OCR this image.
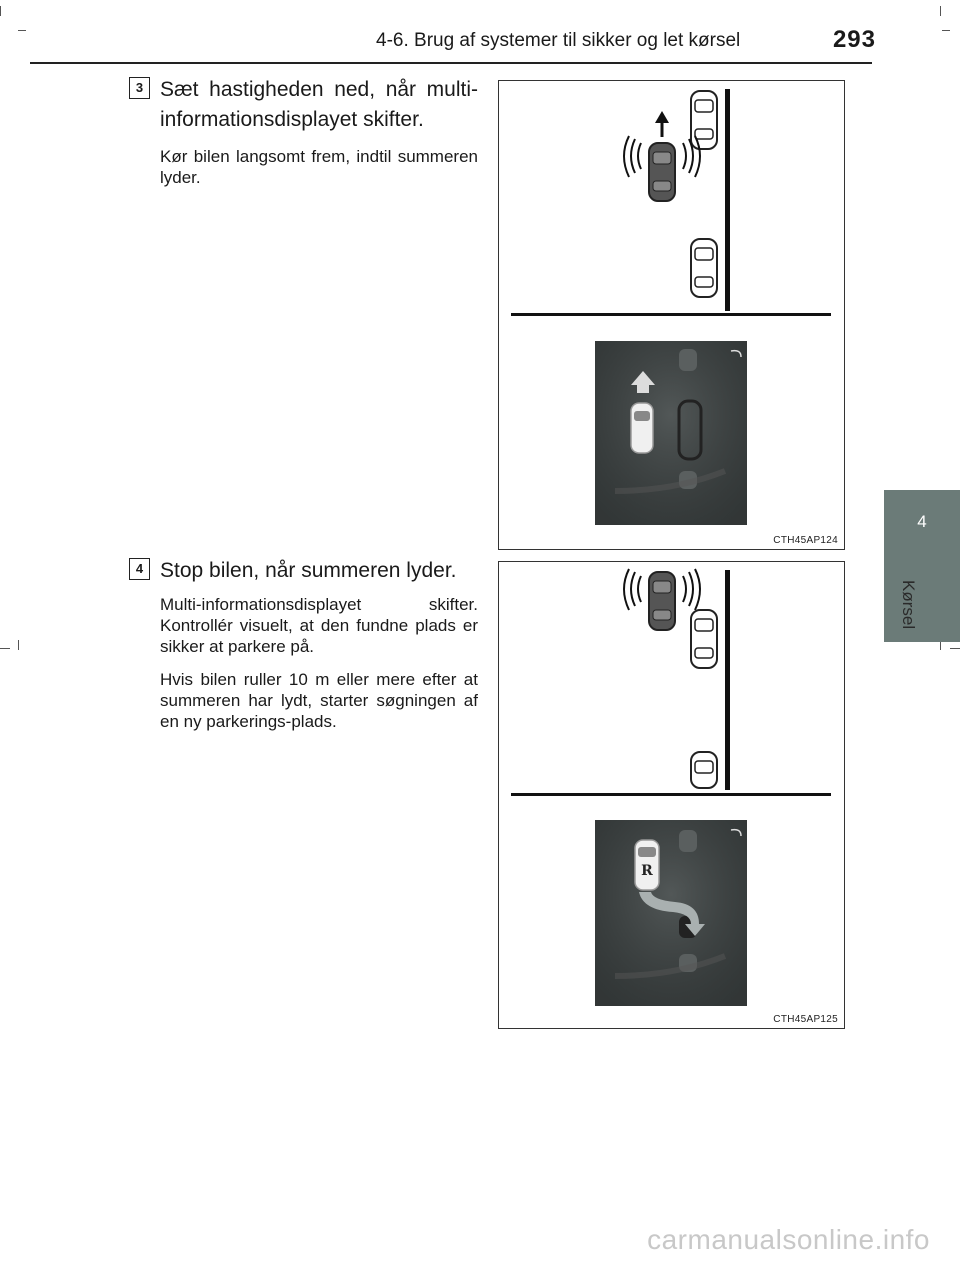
4-6. Brug af systemer til sikker og let kørsel	293
4
Kørsel
3 Sæt hastigheden ned, når multi-informationsdisplayet skifter.

Kør bilen langsomt frem, indtil summeren lyder.

CTH45AP124
4 Stop bilen, når summeren lyder.

Multi-informationsdisplayet skifter. Kontrollér visuelt, at den fundne plads er sikker at parkere på.

Hvis bilen ruller 10 m eller mere efter at summeren har lydt, starter søgningen af en ny parkerings-plads.

R
CTH45AP125
carmanualsonline.info
